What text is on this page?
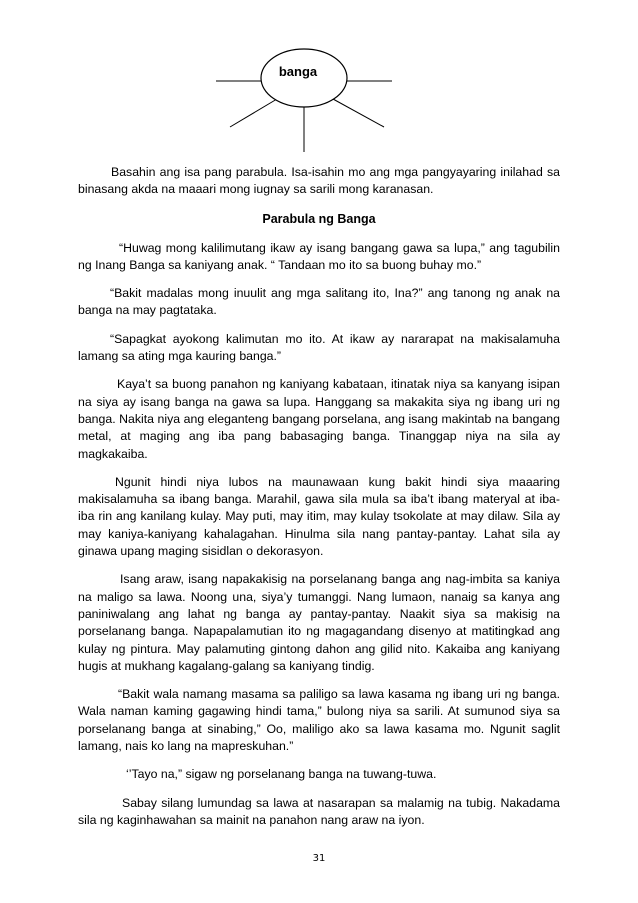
banga

Basahin ang isa pang parabula. Isa-isahin mo ang mga pangyayaring inilahad sa binasang akda na maaari mong iugnay sa sarili mong karanasan.

Parabula ng Banga

“Huwag mong kalilimutang ikaw ay isang bangang gawa sa lupa,” ang tagubilin ng Inang Banga sa kaniyang anak. “ Tandaan mo ito sa buong buhay mo.”

“Bakit madalas mong inuulit ang mga salitang ito, Ina?” ang tanong ng anak na banga na may pagtataka.

“Sapagkat ayokong kalimutan mo ito. At ikaw ay nararapat na makisalamuha lamang sa ating mga kauring banga.”

Kaya’t sa buong panahon ng kaniyang kabataan, itinatak niya sa kanyang isipan na siya ay isang banga na gawa sa lupa. Hanggang sa makakita siya ng ibang uri ng banga. Nakita niya ang eleganteng bangang porselana, ang isang makintab na bangang metal, at maging ang iba pang babasaging banga. Tinanggap niya na sila ay magkakaiba.

Ngunit hindi niya lubos na maunawaan kung bakit hindi siya maaaring makisalamuha sa ibang banga. Marahil, gawa sila mula sa iba’t ibang materyal at iba-iba rin ang kanilang kulay. May puti, may itim, may kulay tsokolate at may dilaw. Sila ay may kaniya-kaniyang kahalagahan. Hinulma sila nang pantay-pantay. Lahat sila ay ginawa upang maging sisidlan o dekorasyon.

Isang araw, isang napakakisig na porselanang banga ang nag-imbita sa kaniya na maligo sa lawa. Noong una, siya’y tumanggi. Nang lumaon, nanaig sa kanya ang paniniwalang ang lahat ng banga ay pantay-pantay. Naakit siya sa makisig na porselanang banga. Napapalamutian ito ng magagandang disenyo at matitingkad ang kulay ng pintura. May palamuting gintong dahon ang gilid nito. Kakaiba ang kaniyang hugis at mukhang kagalang-galang sa kaniyang tindig.

“Bakit wala namang masama sa paliligo sa lawa kasama ng ibang uri ng banga. Wala naman kaming gagawing hindi tama,” bulong niya sa sarili. At sumunod siya sa porselanang banga at sinabing,” Oo, maliligo ako sa lawa kasama mo. Ngunit saglit lamang, nais ko lang na mapreskuhan.”

‘’Tayo na,” sigaw ng porselanang banga na tuwang-tuwa.

Sabay silang lumundag sa lawa at nasarapan sa malamig na tubig. Nakadama sila ng kaginhawahan sa mainit na panahon nang araw na iyon.

31
